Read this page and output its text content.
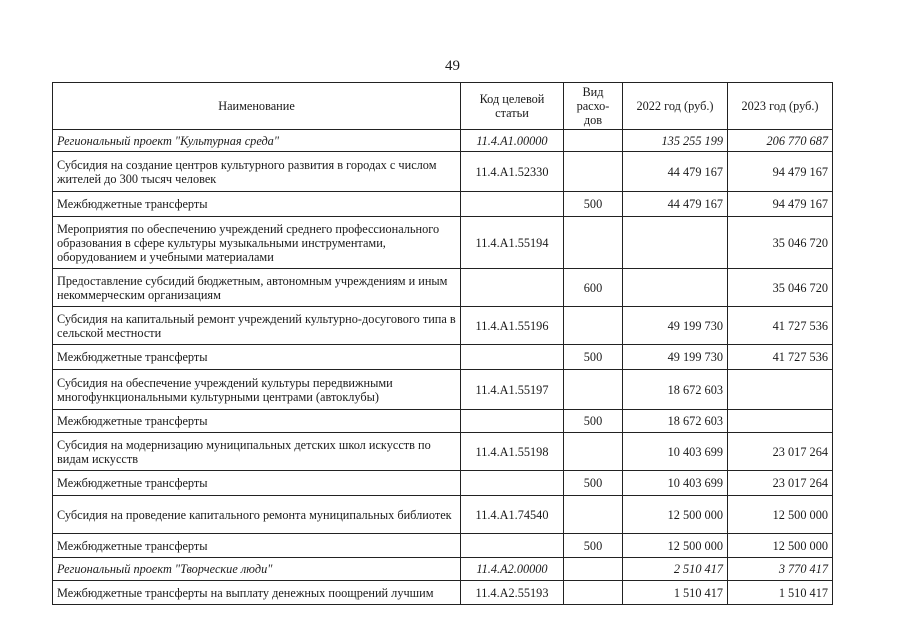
49
Наименование	Код целевой статьи	Вид расхо-дов	2022 год (руб.)	2023 год (руб.)
Региональный проект "Культурная среда"	11.4.A1.00000		135 255 199	206 770 687
Субсидия на создание центров культурного развития в городах с числом жителей до 300 тысяч человек	11.4.A1.52330		44 479 167	94 479 167
Межбюджетные трансферты		500	44 479 167	94 479 167
Мероприятия по обеспечению учреждений среднего профессионального образования в сфере культуры музыкальными инструментами, оборудованием и учебными материалами	11.4.A1.55194			35 046 720
Предоставление субсидий бюджетным, автономным учреждениям и иным некоммерческим организациям		600		35 046 720
Субсидия на капитальный ремонт учреждений культурно-досугового типа в сельской местности	11.4.A1.55196		49 199 730	41 727 536
Межбюджетные трансферты		500	49 199 730	41 727 536
Субсидия на обеспечение учреждений культуры передвижными многофункциональными культурными центрами (автоклубы)	11.4.A1.55197		18 672 603	
Межбюджетные трансферты		500	18 672 603	
Субсидия на модернизацию муниципальных детских школ искусств по видам искусств	11.4.A1.55198		10 403 699	23 017 264
Межбюджетные трансферты		500	10 403 699	23 017 264
Субсидия на проведение капитального ремонта муниципальных библиотек	11.4.A1.74540		12 500 000	12 500 000
Межбюджетные трансферты		500	12 500 000	12 500 000
Региональный проект "Творческие люди"	11.4.A2.00000		2 510 417	3 770 417
Межбюджетные трансферты на выплату денежных поощрений лучшим	11.4.A2.55193		1 510 417	1 510 417
